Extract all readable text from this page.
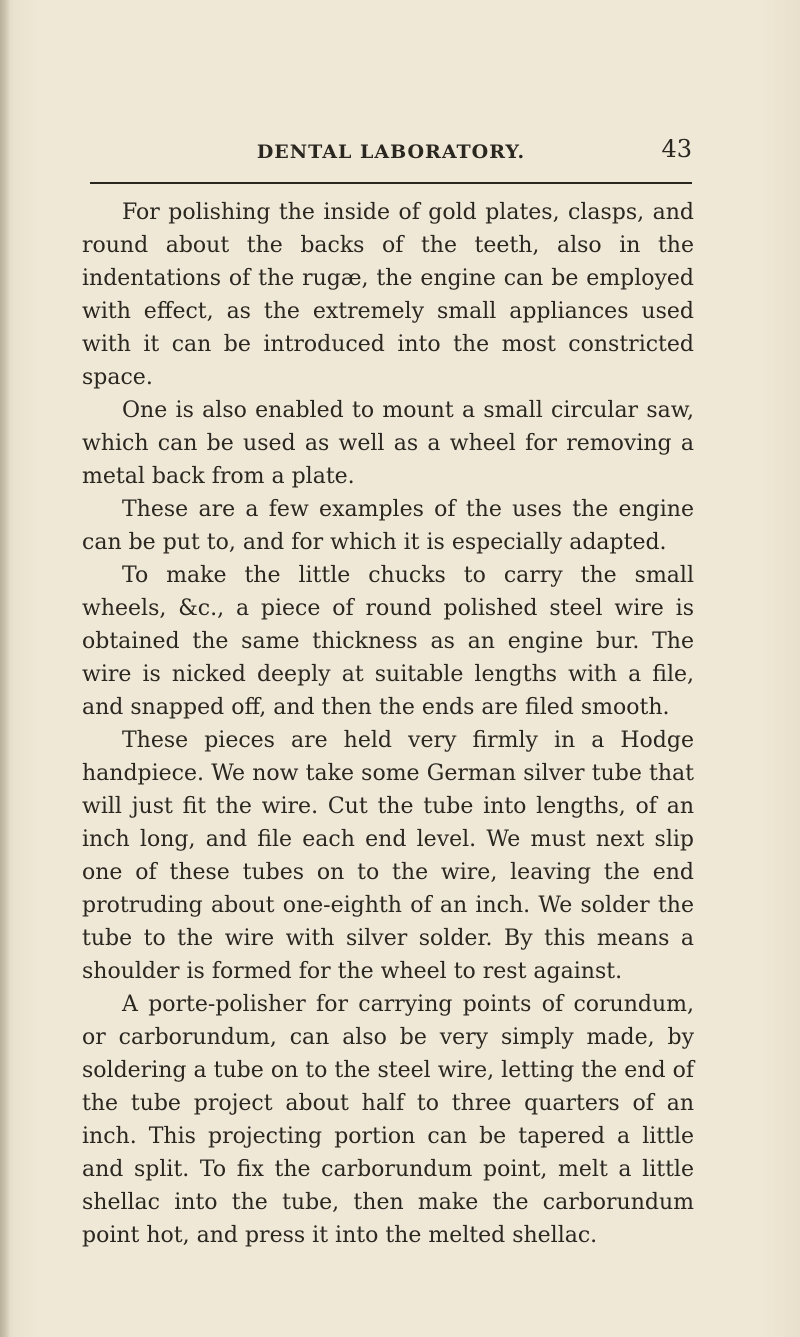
DENTAL LABORATORY.	43

For polishing the inside of gold plates, clasps, and round about the backs of the teeth, also in the indentations of the rugæ, the engine can be employed with effect, as the extremely small appliances used with it can be introduced into the most constricted space.

One is also enabled to mount a small circular saw, which can be used as well as a wheel for removing a metal back from a plate.

These are a few examples of the uses the engine can be put to, and for which it is especially adapted.

To make the little chucks to carry the small wheels, &c., a piece of round polished steel wire is obtained the same thickness as an engine bur. The wire is nicked deeply at suitable lengths with a file, and snapped off, and then the ends are filed smooth.

These pieces are held very firmly in a Hodge handpiece. We now take some German silver tube that will just fit the wire. Cut the tube into lengths, of an inch long, and file each end level. We must next slip one of these tubes on to the wire, leaving the end protruding about one-eighth of an inch. We solder the tube to the wire with silver solder. By this means a shoulder is formed for the wheel to rest against.

A porte-polisher for carrying points of corundum, or carborundum, can also be very simply made, by soldering a tube on to the steel wire, letting the end of the tube project about half to three quarters of an inch. This projecting portion can be tapered a little and split. To fix the carborundum point, melt a little shellac into the tube, then make the carborundum point hot, and press it into the melted shellac.
